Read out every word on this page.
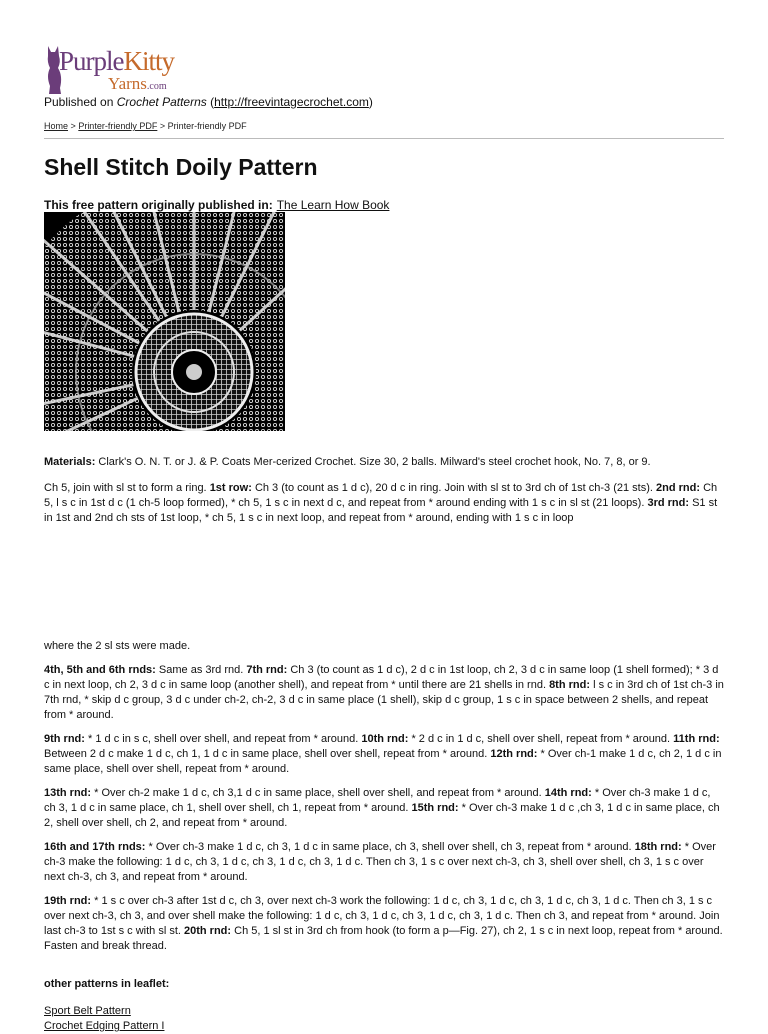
PurpleKitty
Yarns.com
Published on Crochet Patterns (http://freevintagecrochet.com)
Home > Printer-friendly PDF > Printer-friendly PDF
Shell Stitch Doily Pattern
This free pattern originally published in: The Learn How Book
Materials: Clark's O. N. T. or J. & P. Coats Mer-cerized Crochet. Size 30, 2 balls. Milward's steel crochet hook, No. 7, 8, or 9.
Ch 5, join with sl st to form a ring. 1st row: Ch 3 (to count as 1 d c), 20 d c in ring. Join with sl st to 3rd ch of 1st ch-3 (21 sts). 2nd rnd: Ch 5, l s c in 1st d c (1 ch-5 loop formed), * ch 5, 1 s c in next d c, and repeat from * around ending with 1 s c in sl st (21 loops). 3rd rnd: S1 st in 1st and 2nd ch sts of 1st loop, * ch 5, 1 s c in next loop, and repeat from * around, ending with 1 s c in loop
where the 2 sl sts were made.
4th, 5th and 6th rnds: Same as 3rd rnd. 7th rnd: Ch 3 (to count as 1 d c), 2 d c in 1st loop, ch 2, 3 d c in same loop (1 shell formed); * 3 d c in next loop, ch 2, 3 d c in same loop (another shell), and repeat from * until there are 21 shells in rnd. 8th rnd: l s c in 3rd ch of 1st ch-3 in 7th rnd, * skip d c group, 3 d c under ch-2, ch-2, 3 d c in same place (1 shell), skip d c group, 1 s c in space between 2 shells, and repeat from * around.
9th rnd: * 1 d c in s c, shell over shell, and repeat from * around. 10th rnd: * 2 d c in 1 d c, shell over shell, repeat from * around. 11th rnd: Between 2 d c make 1 d c, ch 1, 1 d c in same place, shell over shell, repeat from * around. 12th rnd: * Over ch-1 make 1 d c, ch 2, 1 d c in same place, shell over shell, repeat from * around.
13th rnd: * Over ch-2 make 1 d c, ch 3,1 d c in same place, shell over shell, and repeat from * around. 14th rnd: * Over ch-3 make 1 d c, ch 3, 1 d c in same place, ch 1, shell over shell, ch 1, repeat from * around. 15th rnd: * Over ch-3 make 1 d c ,ch 3, 1 d c in same place, ch 2, shell over shell, ch 2, and repeat from * around.
16th and 17th rnds: * Over ch-3 make 1 d c, ch 3, 1 d c in same place, ch 3, shell over shell, ch 3, repeat from * around. 18th rnd: * Over ch-3 make the following: 1 d c, ch 3, 1 d c, ch 3, 1 d c, ch 3, 1 d c. Then ch 3, 1 s c over next ch-3, ch 3, shell over shell, ch 3, 1 s c over next ch-3, ch 3, and repeat from * around.
19th rnd: * 1 s c over ch-3 after 1st d c, ch 3, over next ch-3 work the following: 1 d c, ch 3, 1 d c, ch 3, 1 d c, ch 3, 1 d c. Then ch 3, 1 s c over next ch-3, ch 3, and over shell make the following: 1 d c, ch 3, 1 d c, ch 3, 1 d c, ch 3, 1 d c. Then ch 3, and repeat from * around. Join last ch-3 to 1st s c with sl st. 20th rnd: Ch 5, 1 sl st in 3rd ch from hook (to form a p—Fig. 27), ch 2, 1 s c in next loop, repeat from * around. Fasten and break thread.
other patterns in leaflet:
Sport Belt Pattern
Crochet Edging Pattern I
